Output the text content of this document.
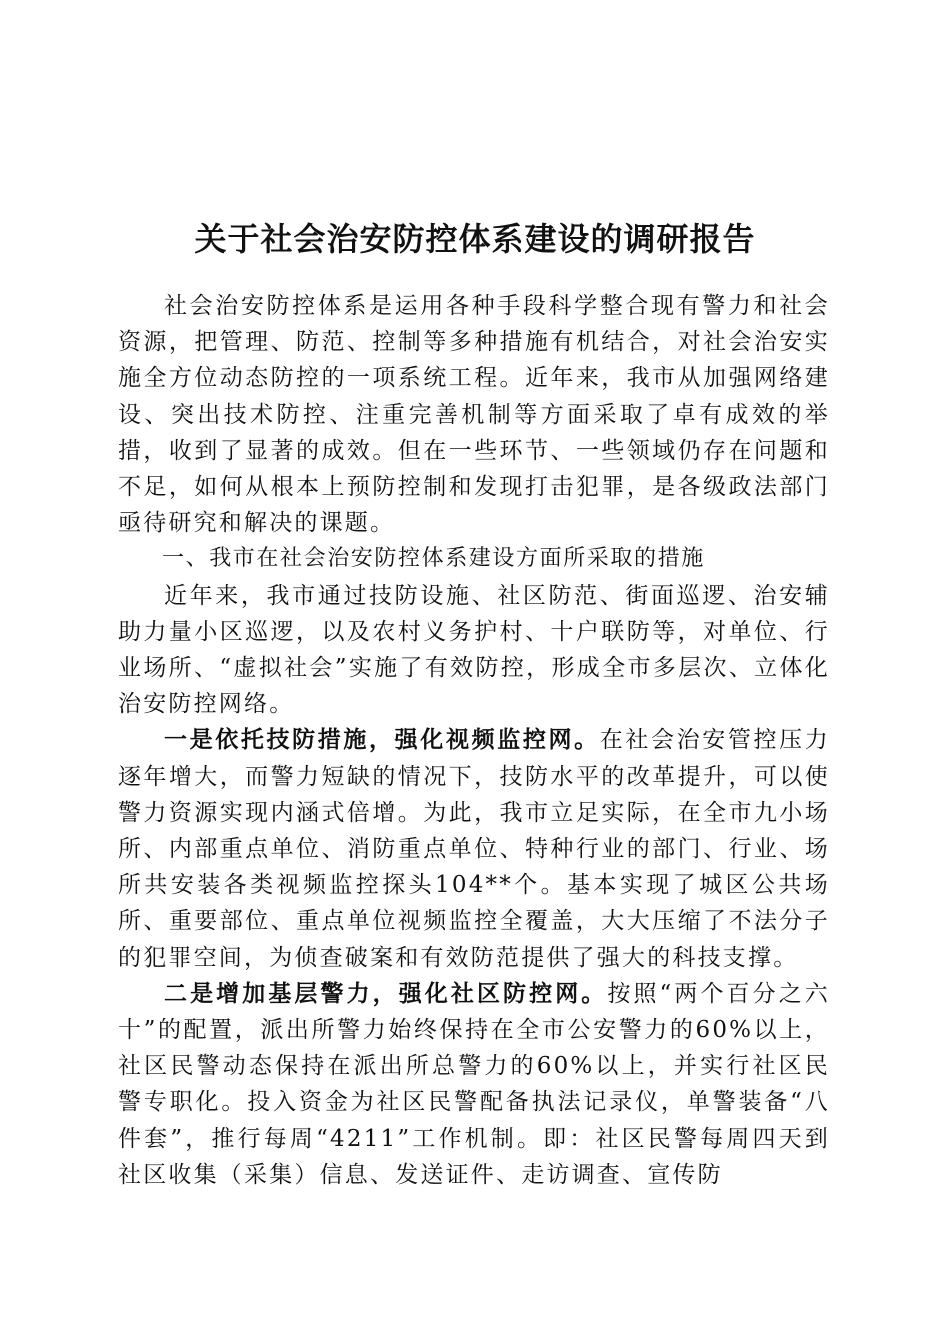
关于社会治安防控体系建设的调研报告

社会治安防控体系是运用各种手段科学整合现有警力和社会资源，把管理、防范、控制等多种措施有机结合，对社会治安实施全方位动态防控的一项系统工程。近年来，我市从加强网络建设、突出技术防控、注重完善机制等方面采取了卓有成效的举措，收到了显著的成效。但在一些环节、一些领域仍存在问题和不足，如何从根本上预防控制和发现打击犯罪，是各级政法部门亟待研究和解决的课题。

一、我市在社会治安防控体系建设方面所采取的措施

近年来，我市通过技防设施、社区防范、街面巡逻、治安辅助力量小区巡逻，以及农村义务护村、十户联防等，对单位、行业场所、“虚拟社会”实施了有效防控，形成全市多层次、立体化治安防控网络。

一是依托技防措施，强化视频监控网。在社会治安管控压力逐年增大，而警力短缺的情况下，技防水平的改革提升，可以使警力资源实现内涵式倍增。为此，我市立足实际，在全市九小场所、内部重点单位、消防重点单位、特种行业的部门、行业、场所共安装各类视频监控探头104**个。基本实现了城区公共场所、重要部位、重点单位视频监控全覆盖，大大压缩了不法分子的犯罪空间，为侦查破案和有效防范提供了强大的科技支撑。

二是增加基层警力，强化社区防控网。按照“两个百分之六十”的配置，派出所警力始终保持在全市公安警力的60%以上，社区民警动态保持在派出所总警力的60%以上，并实行社区民警专职化。投入资金为社区民警配备执法记录仪，单警装备“八件套”，推行每周“4211”工作机制。即：社区民警每周四天到社区收集（采集）信息、发送证件、走访调查、宣传防
